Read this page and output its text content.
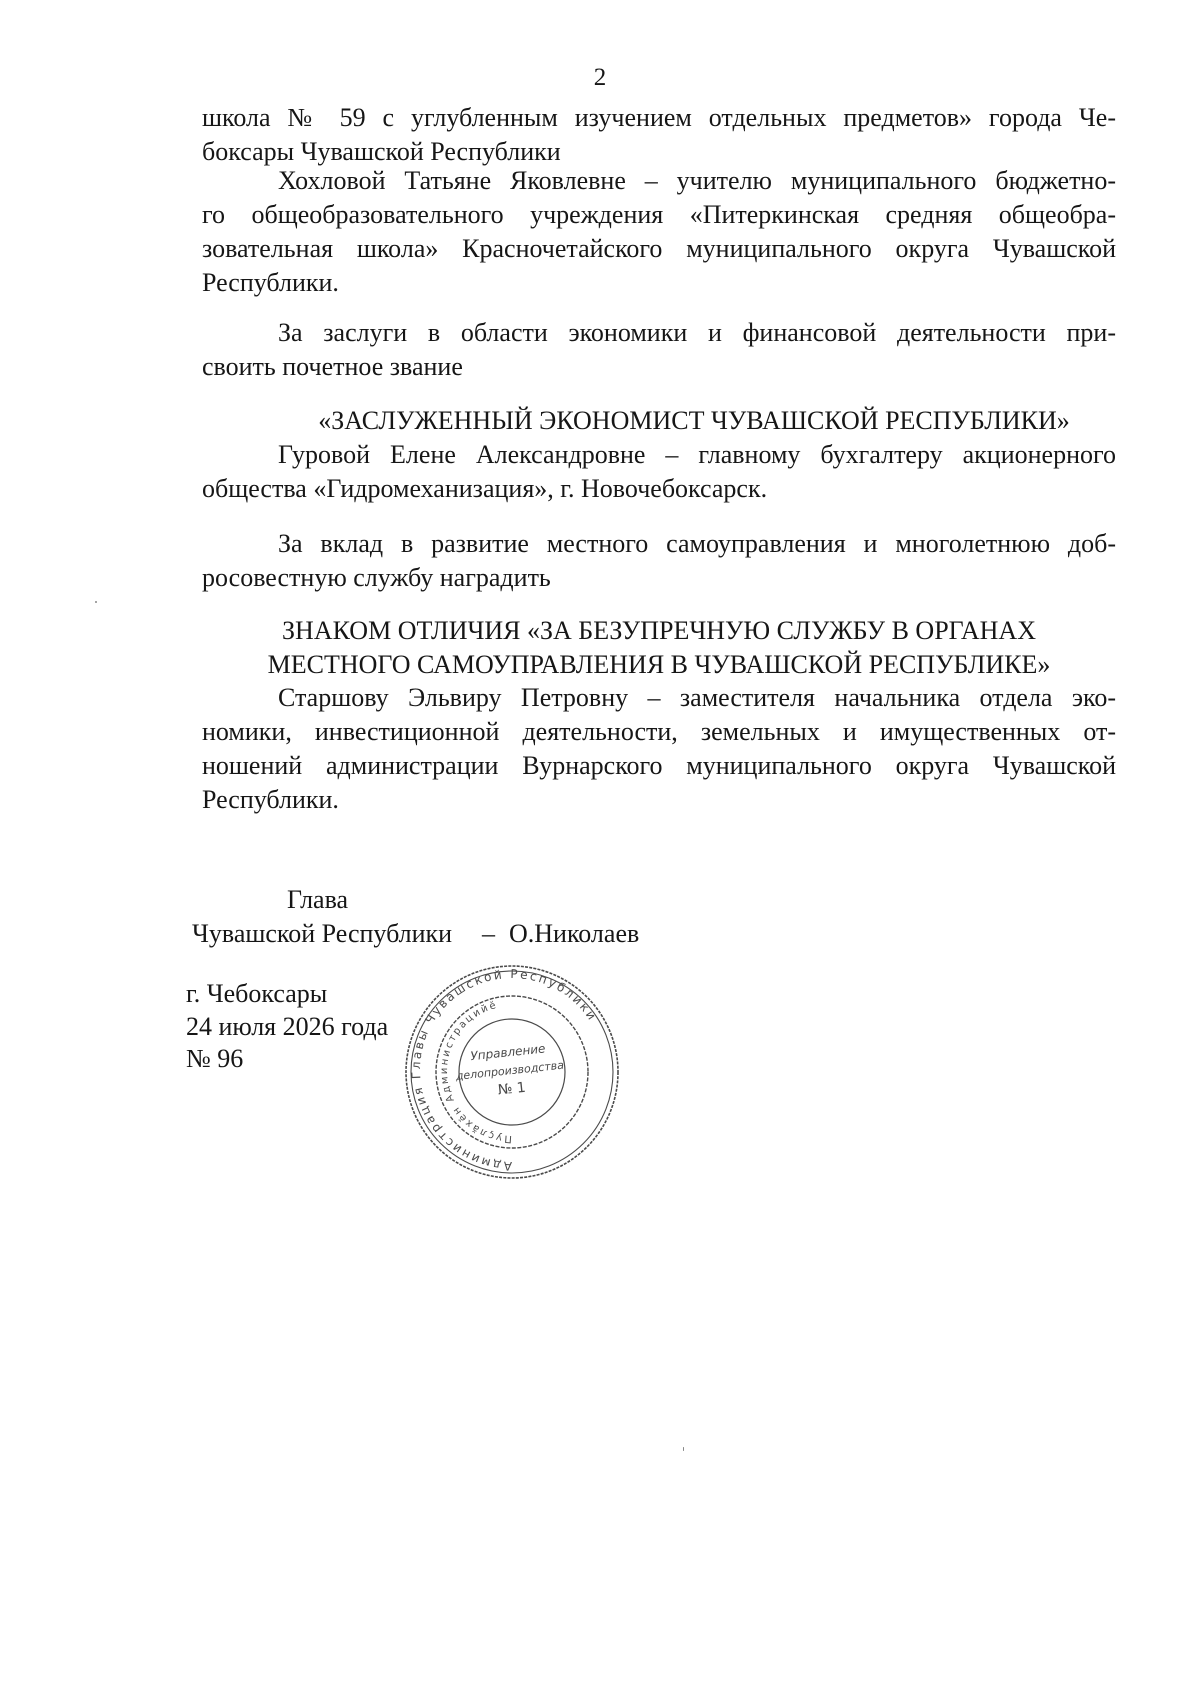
2

школа № 59 с углубленным изучением отдельных предметов» города Че-

боксары Чувашской Республики

Хохловой Татьяне Яковлевне – учителю муниципального бюджетно-

го общеобразовательного учреждения «Питеркинская средняя общеобра-

зовательная школа» Красночетайского муниципального округа Чувашской

Республики.

За заслуги в области экономики и финансовой деятельности при-

своить почетное звание

«ЗАСЛУЖЕННЫЙ ЭКОНОМИСТ ЧУВАШСКОЙ РЕСПУБЛИКИ»

Гуровой Елене Александровне – главному бухгалтеру акционерного

общества «Гидромеханизация», г. Новочебоксарск.

За вклад в развитие местного самоуправления и многолетнюю доб-

росовестную службу наградить

ЗНАКОМ ОТЛИЧИЯ «ЗА БЕЗУПРЕЧНУЮ СЛУЖБУ В ОРГАНАХ

МЕСТНОГО САМОУПРАВЛЕНИЯ В ЧУВАШСКОЙ РЕСПУБЛИКЕ»

Старшову Эльвиру Петровну – заместителя начальника отдела эко-

номики, инвестиционной деятельности, земельных и имущественных от-

ношений администрации Вурнарского муниципального округа Чувашской

Республики.

Администрация Главы Чувашской Республики
Пуçлăхĕн Администрацийĕ
Управление
делопроизводства
№ 1
Глава
Чувашской Республики – О.Николаев
г. Чебоксары
24 июля 2026 года
№ 96
